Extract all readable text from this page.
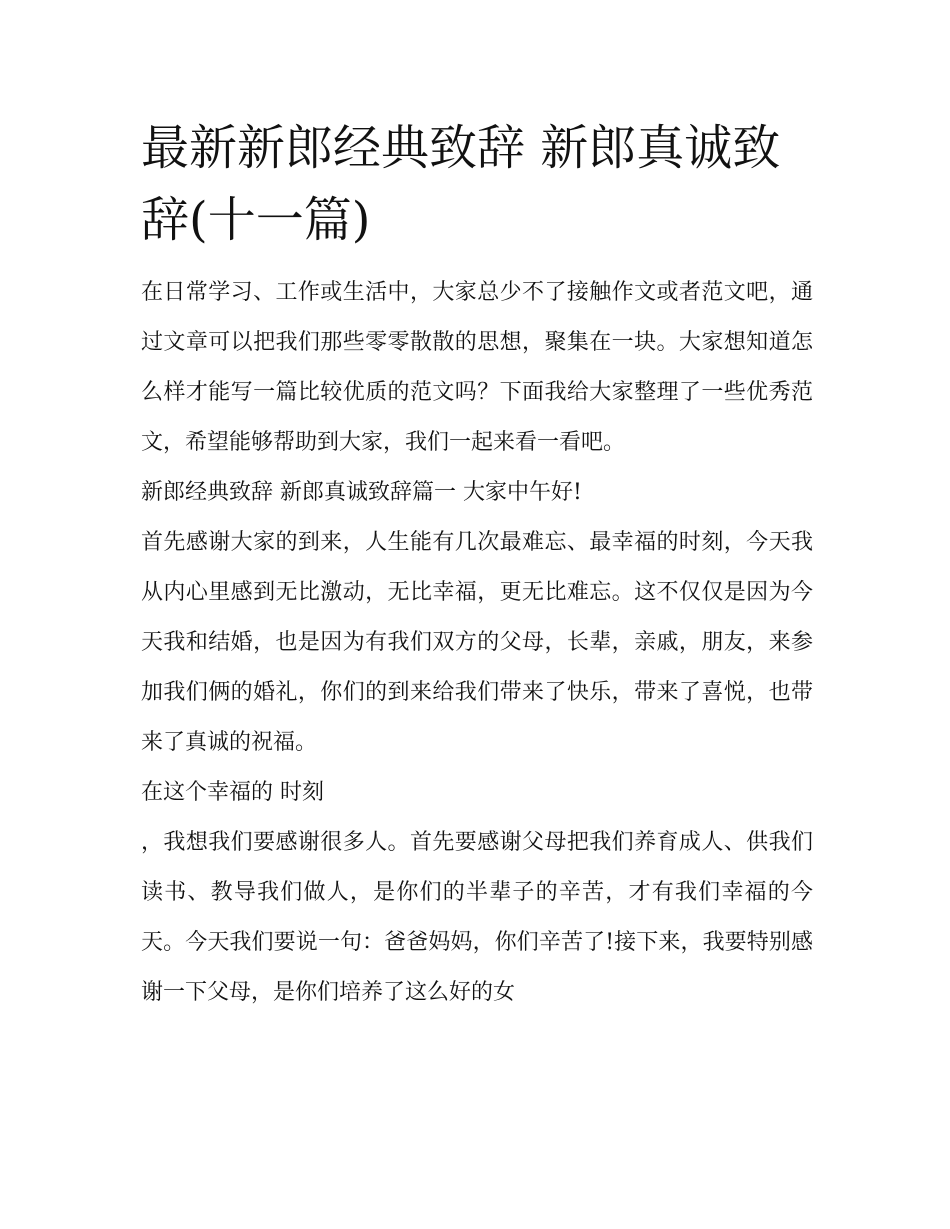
最新新郎经典致辞 新郎真诚致辞(十一篇)

在日常学习、工作或生活中，大家总少不了接触作文或者范文吧，通过文章可以把我们那些零零散散的思想，聚集在一块。大家想知道怎么样才能写一篇比较优质的范文吗？下面我给大家整理了一些优秀范文，希望能够帮助到大家，我们一起来看一看吧。

新郎经典致辞 新郎真诚致辞篇一 大家中午好!

首先感谢大家的到来，人生能有几次最难忘、最幸福的时刻，今天我从内心里感到无比激动，无比幸福，更无比难忘。这不仅仅是因为今天我和结婚，也是因为有我们双方的父母，长辈，亲戚，朋友，来参加我们俩的婚礼，你们的到来给我们带来了快乐，带来了喜悦，也带来了真诚的祝福。

在这个幸福的 时刻

，我想我们要感谢很多人。首先要感谢父母把我们养育成人、供我们读书、教导我们做人，是你们的半辈子的辛苦，才有我们幸福的今天。今天我们要说一句：爸爸妈妈，你们辛苦了!接下来，我要特别感谢一下父母，是你们培养了这么好的女
